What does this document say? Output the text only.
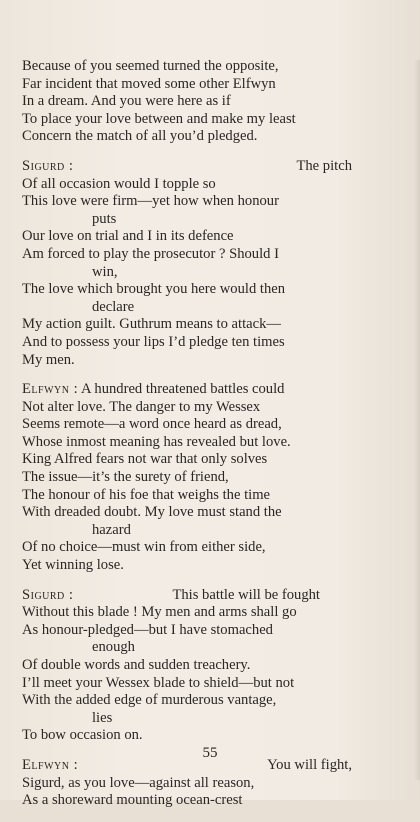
Because of you seemed turned the opposite,
Far incident that moved some other Elfwyn
In a dream. And you were here as if
To place your love between and make my least
Concern the match of all you’d pledged.
Sigurd :	The pitch
Of all occasion would I topple so
This love were firm—yet how when honour
puts
Our love on trial and I in its defence
Am forced to play the prosecutor ? Should I
win,
The love which brought you here would then
declare
My action guilt. Guthrum means to attack—
And to possess your lips I’d pledge ten times
My men.
Elfwyn : A hundred threatened battles could
Not alter love. The danger to my Wessex
Seems remote—a word once heard as dread,
Whose inmost meaning has revealed but love.
King Alfred fears not war that only solves
The issue—it’s the surety of friend,
The honour of his foe that weighs the time
With dreaded doubt. My love must stand the
hazard
Of no choice—must win from either side,
Yet winning lose.
Sigurd :	This battle will be fought
Without this blade ! My men and arms shall go
As honour-pledged—but I have stomached
enough
Of double words and sudden treachery.
I’ll meet your Wessex blade to shield—but not
With the added edge of murderous vantage,
lies
To bow occasion on.
Elfwyn :	You will fight,
Sigurd, as you love—against all reason,
As a shoreward mounting ocean-crest
55
